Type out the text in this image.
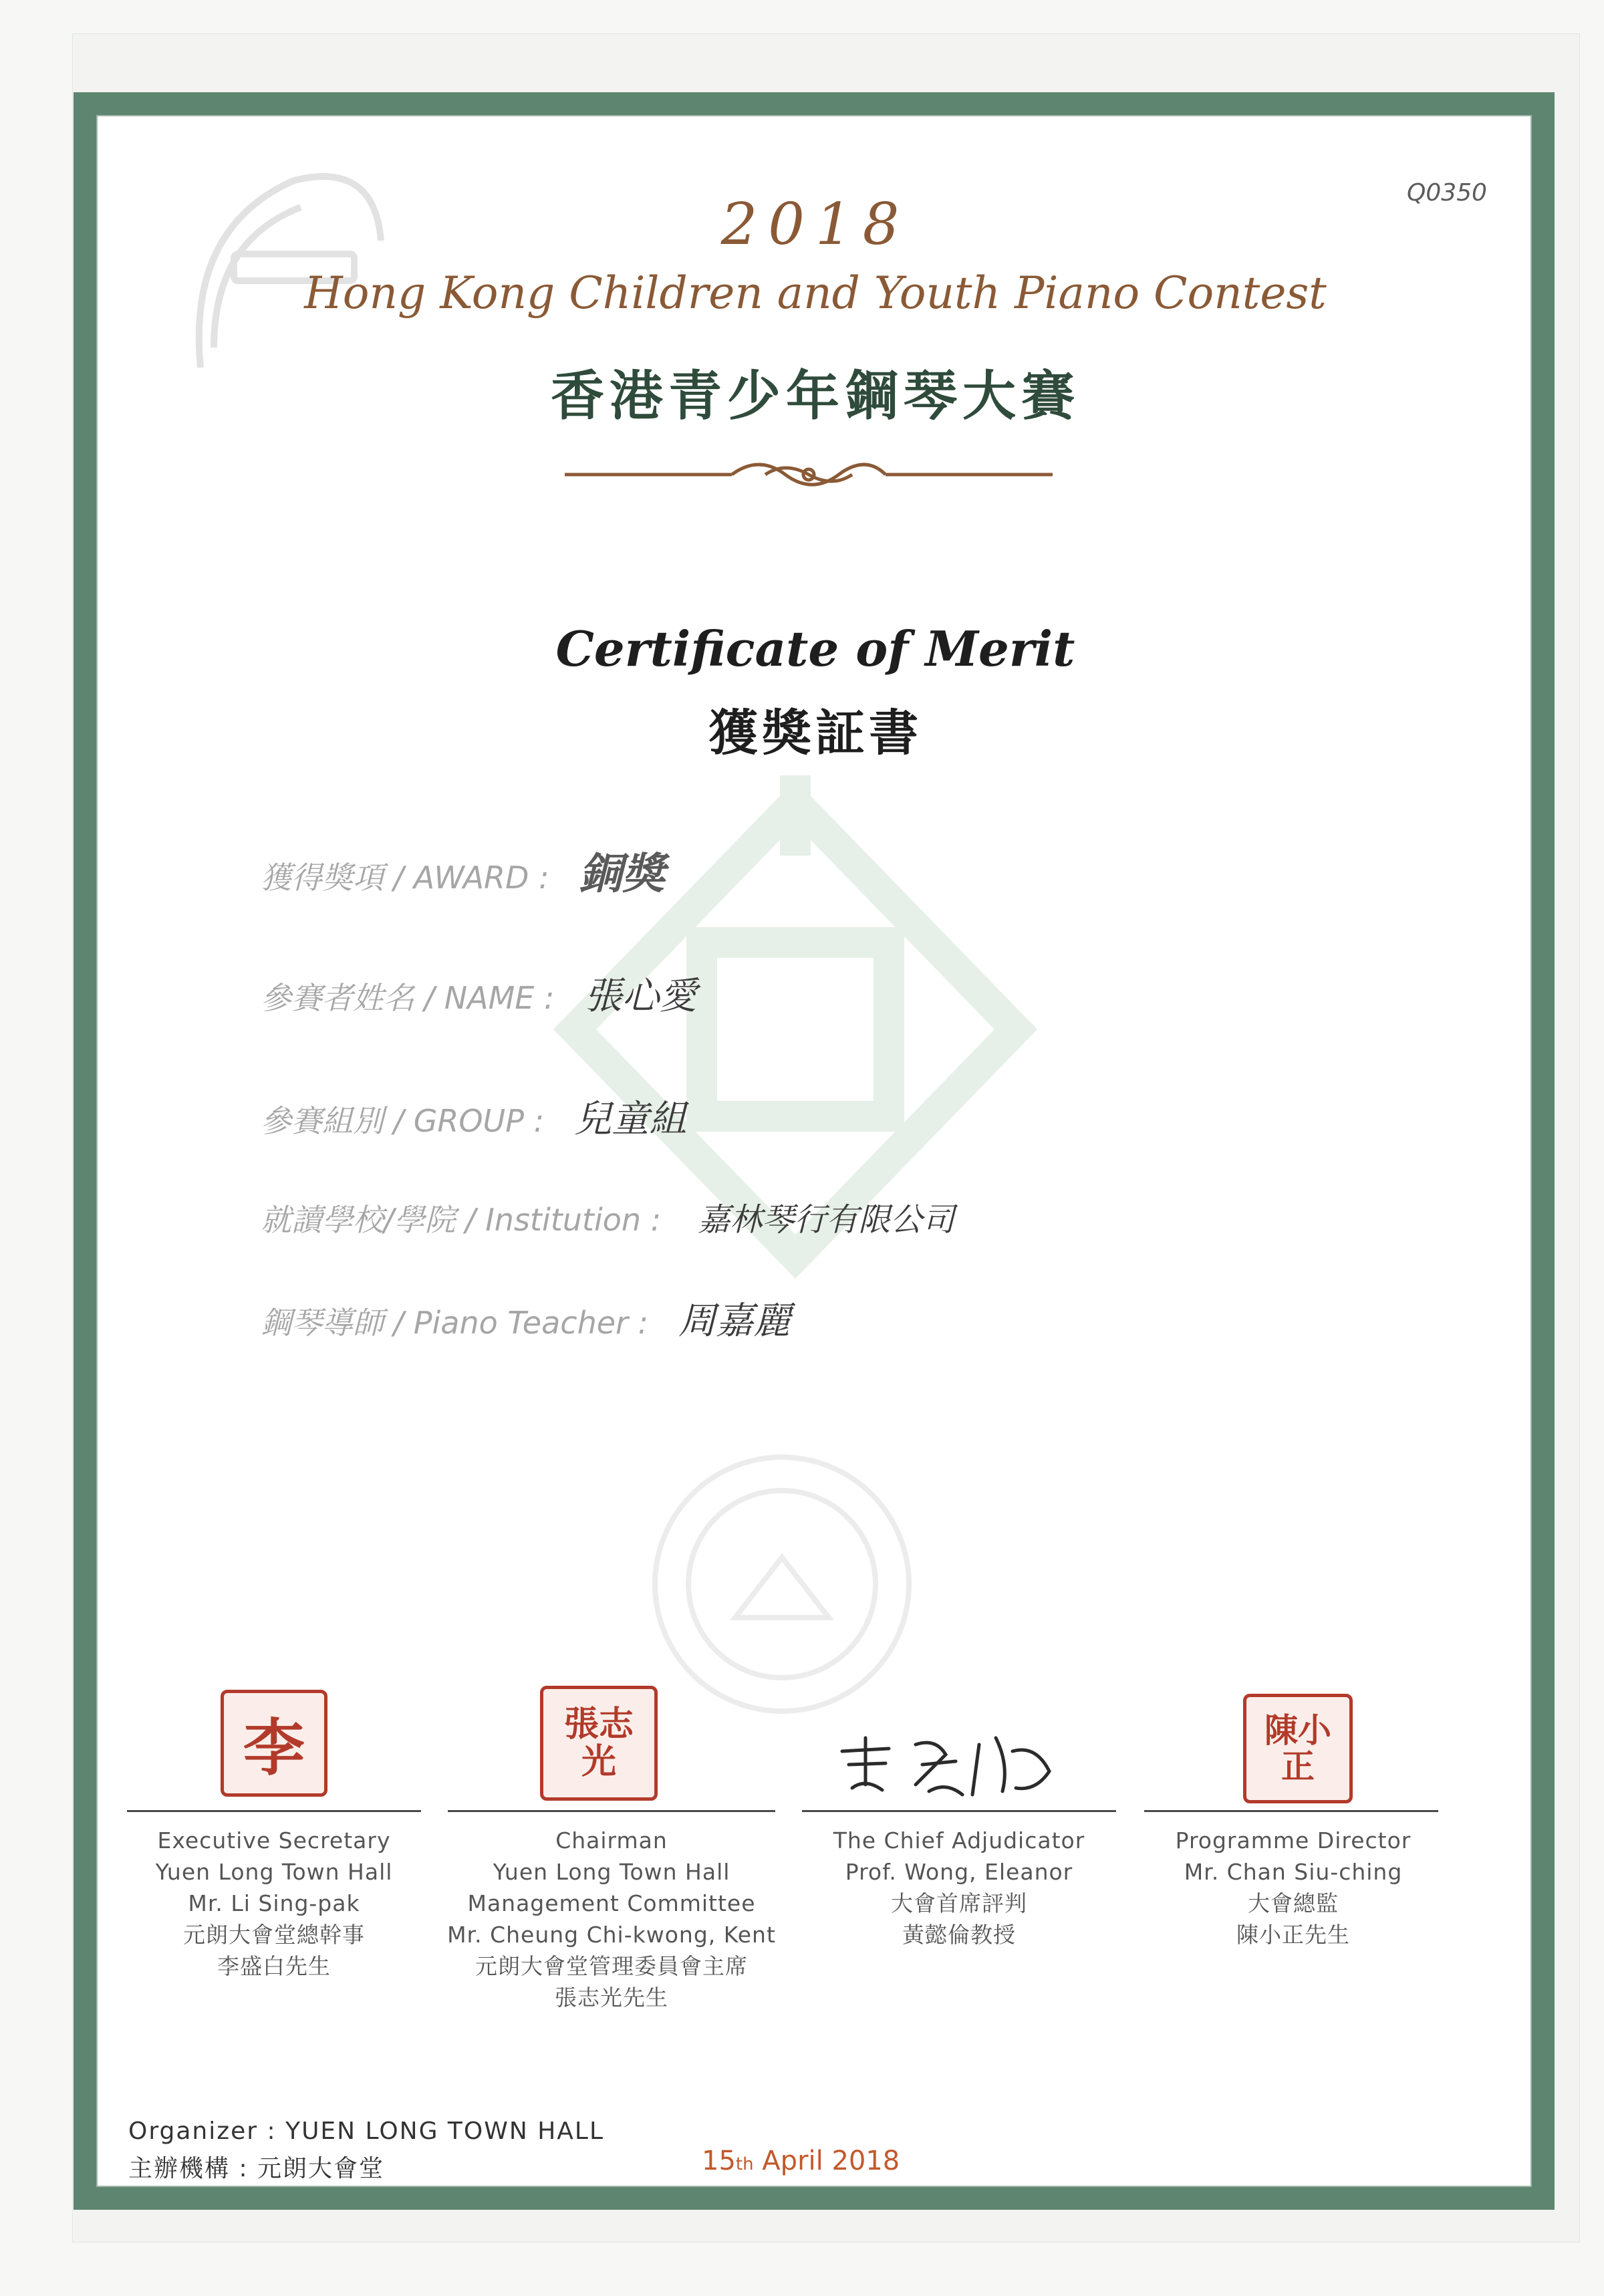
Q0350
2018
Hong Kong Children and Youth Piano Contest
香港青少年鋼琴大賽
Certificate of Merit
獲獎証書
獲得獎項 / AWARD : 銅獎
參賽者姓名 / NAME : 張心愛
參賽組別 / GROUP : 兒童組
就讀學校/學院 / Institution : 嘉林琴行有限公司
鋼琴導師 / Piano Teacher : 周嘉麗
李
Executive Secretary
Yuen Long Town Hall
Mr. Li Sing-pak
元朗大會堂總幹事
李盛白先生
張志光
Chairman
Yuen Long Town Hall
Management Committee
Mr. Cheung Chi-kwong, Kent
元朗大會堂管理委員會主席
張志光先生
The Chief Adjudicator
Prof. Wong, Eleanor
大會首席評判
黃懿倫教授
陳小正
Programme Director
Mr. Chan Siu-ching
大會總監
陳小正先生
Organizer : YUEN LONG TOWN HALL
主辦機構 : 元朗大會堂	15th April 2018
